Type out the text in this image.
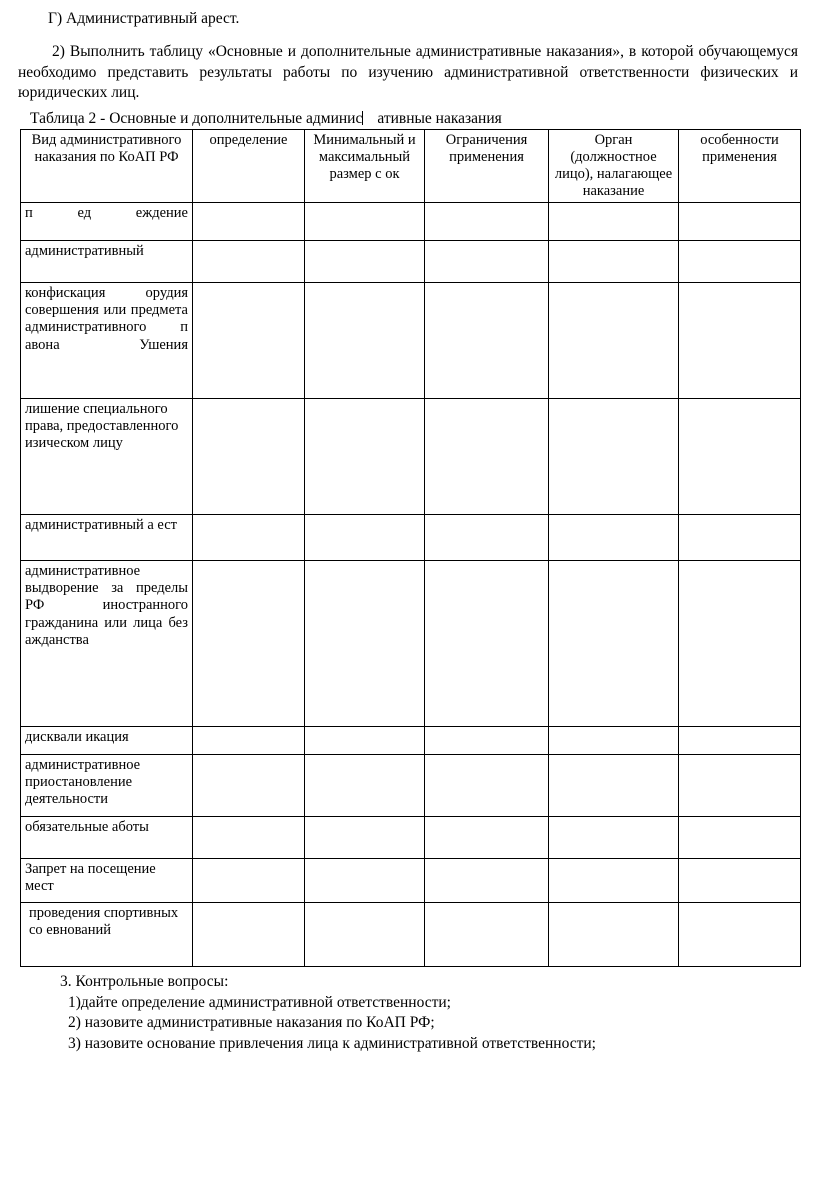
Г) Административный арест.
2) Выполнить таблицу «Основные и дополнительные административные наказания», в которой обучающемуся необходимо представить результаты работы по изучению административной ответственности физических и юридических лиц.
Таблица 2 - Основные и дополнительные админис ативные наказания
Вид административного наказания по КоАП РФ	определение	Минимальный и максимальный размер с ок	Ограничения применения	Орган (должностное лицо), налагающее наказание	особенности применения
п ед еждение					
административный					
конфискация орудия совершения или предмета административного п авона Ушения					
лишение специального права, предоставленного изическом лицу					
административный а ест					
административное выдворение за пределы РФ иностранного гражданина или лица без ажданства					
дисквали икация					
административное приостановление деятельности					
обязательные аботы					
Запрет на посещение мест					
проведения спортивных со евнований					
3. Контрольные вопросы:
1)дайте определение административной ответственности;
2) назовите административные наказания по КоАП РФ;
3) назовите основание привлечения лица к административной ответственности;
